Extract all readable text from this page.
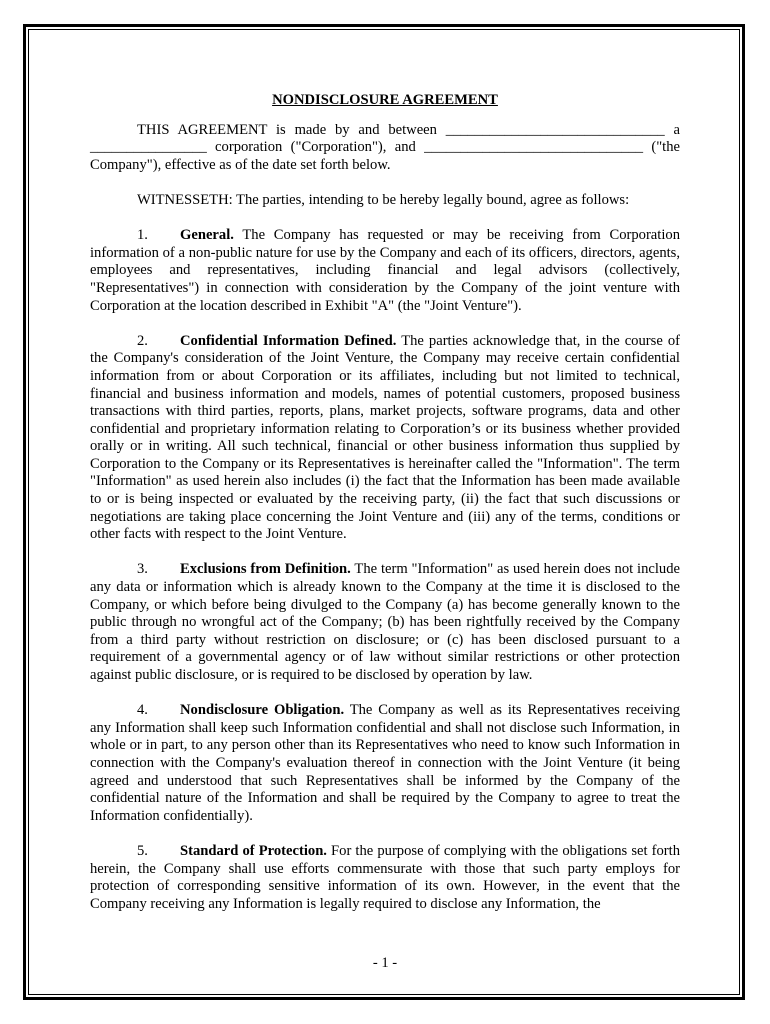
NONDISCLOSURE AGREEMENT

THIS AGREEMENT is made by and between ______________________________ a ________________ corporation ("Corporation"), and ______________________________ ("the Company"), effective as of the date set forth below.

WITNESSETH: The parties, intending to be hereby legally bound, agree as follows:

1. General. The Company has requested or may be receiving from Corporation information of a non-public nature for use by the Company and each of its officers, directors, agents, employees and representatives, including financial and legal advisors (collectively, "Representatives") in connection with consideration by the Company of the joint venture with Corporation at the location described in Exhibit "A" (the "Joint Venture").

2. Confidential Information Defined. The parties acknowledge that, in the course of the Company's consideration of the Joint Venture, the Company may receive certain confidential information from or about Corporation or its affiliates, including but not limited to technical, financial and business information and models, names of potential customers, proposed business transactions with third parties, reports, plans, market projects, software programs, data and other confidential and proprietary information relating to Corporation’s or its business whether provided orally or in writing. All such technical, financial or other business information thus supplied by Corporation to the Company or its Representatives is hereinafter called the "Information". The term "Information" as used herein also includes (i) the fact that the Information has been made available to or is being inspected or evaluated by the receiving party, (ii) the fact that such discussions or negotiations are taking place concerning the Joint Venture and (iii) any of the terms, conditions or other facts with respect to the Joint Venture.

3. Exclusions from Definition. The term "Information" as used herein does not include any data or information which is already known to the Company at the time it is disclosed to the Company, or which before being divulged to the Company (a) has become generally known to the public through no wrongful act of the Company; (b) has been rightfully received by the Company from a third party without restriction on disclosure; or (c) has been disclosed pursuant to a requirement of a governmental agency or of law without similar restrictions or other protection against public disclosure, or is required to be disclosed by operation by law.

4. Nondisclosure Obligation. The Company as well as its Representatives receiving any Information shall keep such Information confidential and shall not disclose such Information, in whole or in part, to any person other than its Representatives who need to know such Information in connection with the Company's evaluation thereof in connection with the Joint Venture (it being agreed and understood that such Representatives shall be informed by the Company of the confidential nature of the Information and shall be required by the Company to agree to treat the Information confidentially).

5. Standard of Protection. For the purpose of complying with the obligations set forth herein, the Company shall use efforts commensurate with those that such party employs for protection of corresponding sensitive information of its own. However, in the event that the Company receiving any Information is legally required to disclose any Information, the

- 1 -
